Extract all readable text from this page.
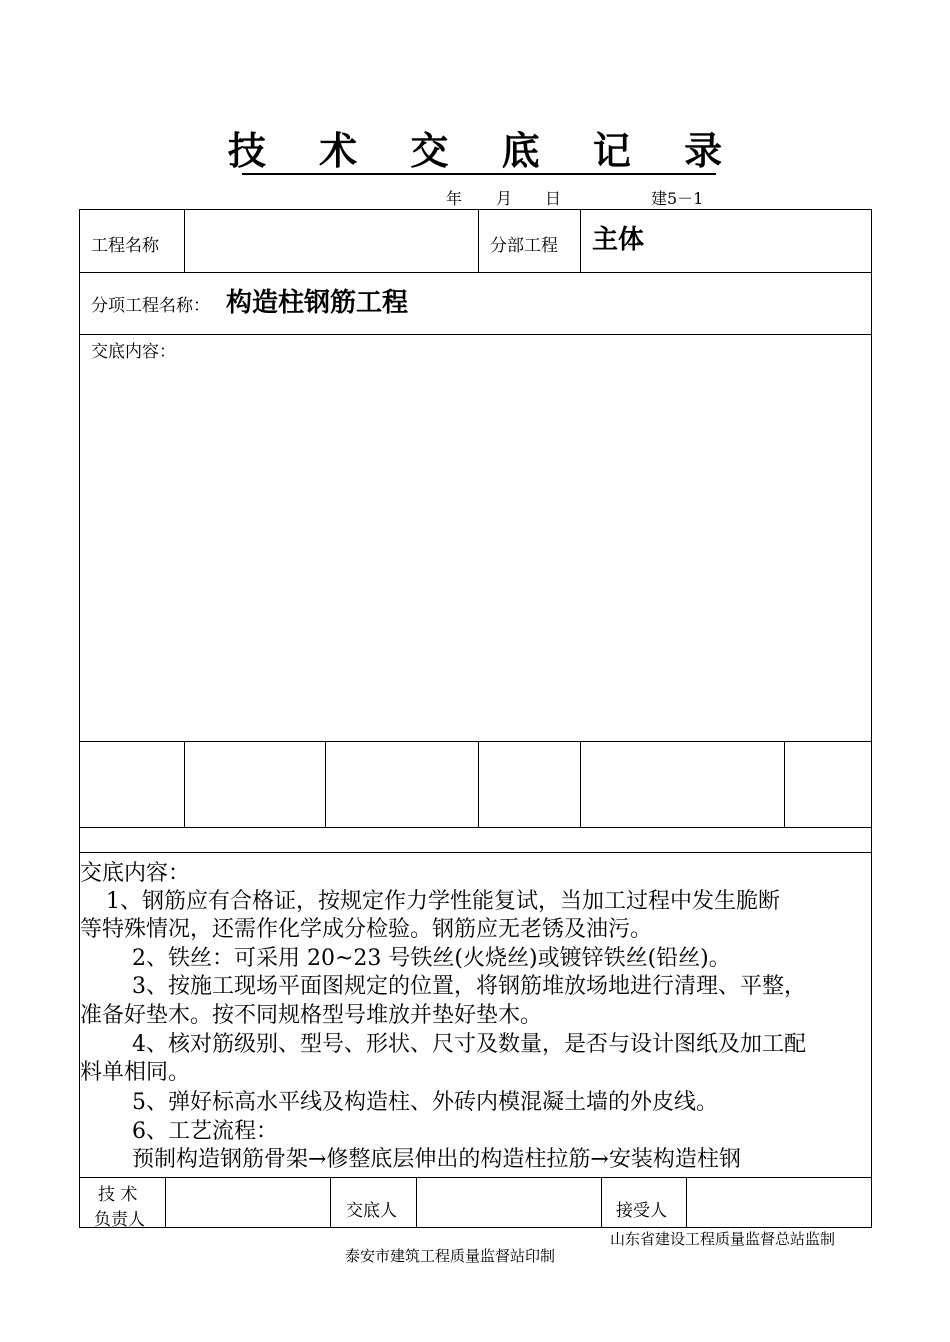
技 术 交 底 记 录
年 月 日	建5－1
工程名称	分部工程 主体
分项工程名称： 构造柱钢筋工程
交底内容：
交底内容：
1、钢筋应有合格证，按规定作力学性能复试，当加工过程中发生脆断
等特殊情况，还需作化学成分检验。钢筋应无老锈及油污。
2、铁丝：可采用 20~23 号铁丝(火烧丝)或镀锌铁丝(铅丝)。
3、按施工现场平面图规定的位置，将钢筋堆放场地进行清理、平整，
准备好垫木。按不同规格型号堆放并垫好垫木。
4、核对筋级别、型号、形状、尺寸及数量，是否与设计图纸及加工配
料单相同。
5、弹好标高水平线及构造柱、外砖内模混凝土墙的外皮线。
6、工艺流程：
预制构造钢筋骨架→修整底层伸出的构造柱拉筋→安装构造柱钢
技 术
负责人	交底人	接受人
山东省建设工程质量监督总站监制
泰安市建筑工程质量监督站印制
